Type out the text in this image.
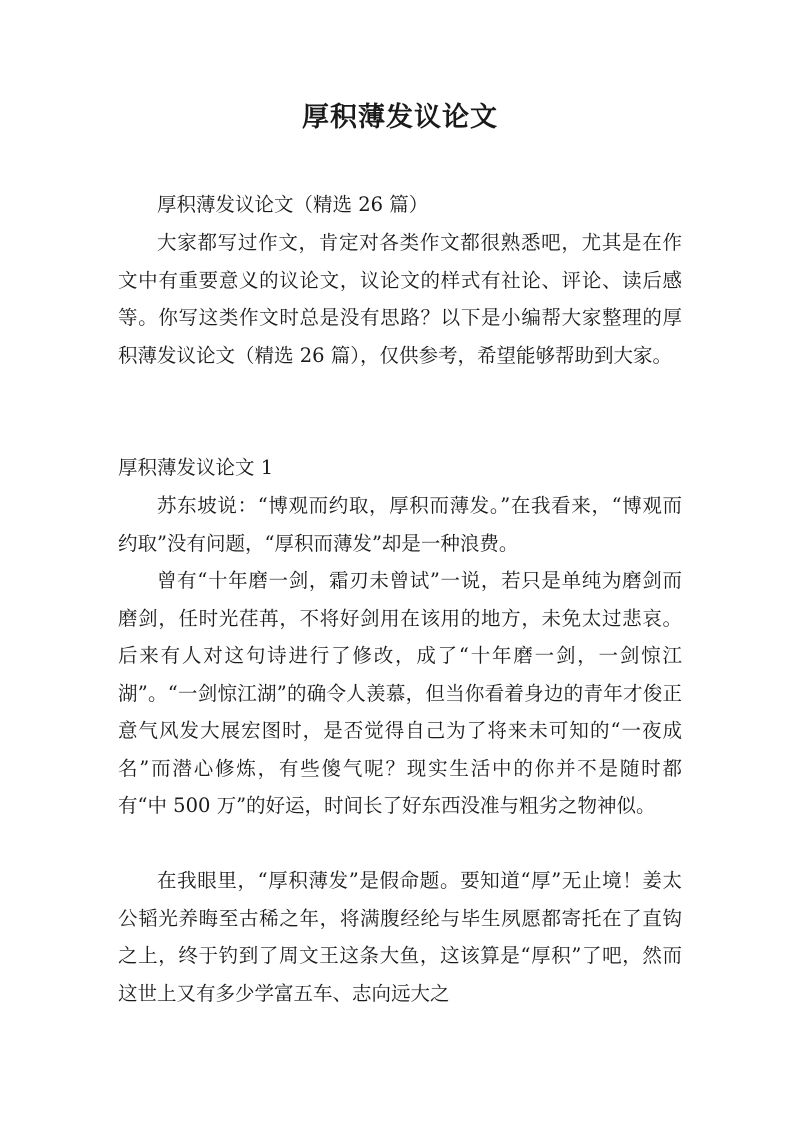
厚积薄发议论文

厚积薄发议论文（精选 26 篇）

大家都写过作文，肯定对各类作文都很熟悉吧，尤其是在作文中有重要意义的议论文，议论文的样式有社论、评论、读后感等。你写这类作文时总是没有思路？以下是小编帮大家整理的厚积薄发议论文（精选 26 篇），仅供参考，希望能够帮助到大家。

厚积薄发议论文 1

苏东坡说：“博观而约取，厚积而薄发。”在我看来，“博观而约取”没有问题，“厚积而薄发”却是一种浪费。

曾有“十年磨一剑，霜刃未曾试”一说，若只是单纯为磨剑而磨剑，任时光荏苒，不将好剑用在该用的地方，未免太过悲哀。后来有人对这句诗进行了修改，成了“十年磨一剑，一剑惊江湖”。“一剑惊江湖”的确令人羡慕，但当你看着身边的青年才俊正意气风发大展宏图时，是否觉得自己为了将来未可知的“一夜成名”而潜心修炼，有些傻气呢？现实生活中的你并不是随时都有“中 500 万”的好运，时间长了好东西没准与粗劣之物神似。

在我眼里，“厚积薄发”是假命题。要知道“厚”无止境！姜太公韬光养晦至古稀之年，将满腹经纶与毕生夙愿都寄托在了直钩之上，终于钓到了周文王这条大鱼，这该算是“厚积”了吧，然而这世上又有多少学富五车、志向远大之
